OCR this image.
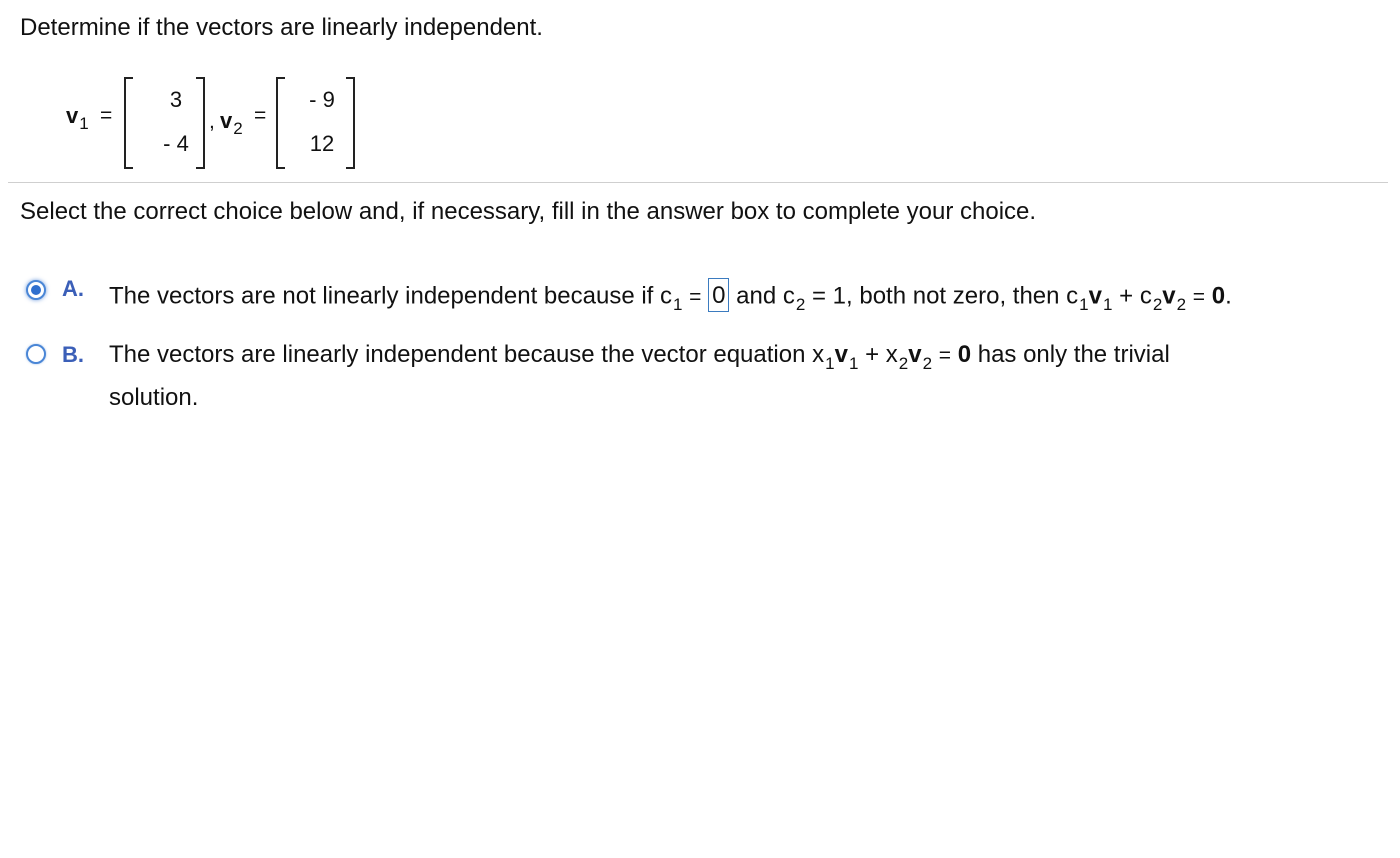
Determine if the vectors are linearly independent.
$v_1$ =
3
- 4
, $v_2$
=
- 9
12
Select the correct choice below and, if necessary, fill in the answer box to complete your choice.
A. The vectors are not linearly independent because if $c_1 = 0$ and $c_2 = 1$, both not zero, then $c_1v_1 + c_2v_2 = 0$.
B. The vectors are linearly independent because the vector equation $x_1v_1 + x_2v_2 = 0$ has only the trivial
solution.
